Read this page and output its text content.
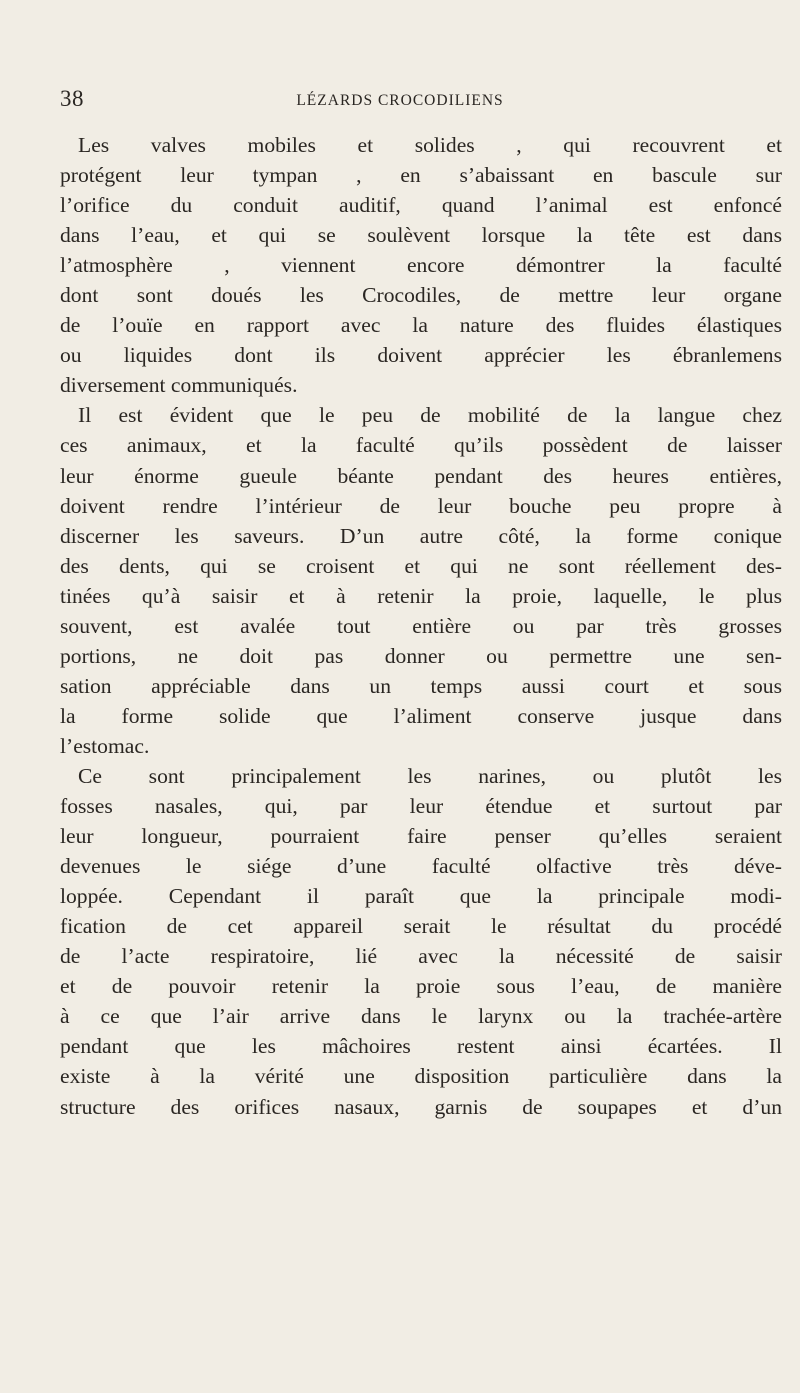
38	LÉZARDS CROCODILIENS
Les valves mobiles et solides , qui recouvrent et
protégent leur tympan , en s’abaissant en bascule sur
l’orifice du conduit auditif, quand l’animal est enfoncé
dans l’eau, et qui se soulèvent lorsque la tête est dans
l’atmosphère , viennent encore démontrer la faculté
dont sont doués les Crocodiles, de mettre leur organe
de l’ouïe en rapport avec la nature des fluides élastiques
ou liquides dont ils doivent apprécier les ébranlemens
diversement communiqués.
Il est évident que le peu de mobilité de la langue chez
ces animaux, et la faculté qu’ils possèdent de laisser
leur énorme gueule béante pendant des heures entières,
doivent rendre l’intérieur de leur bouche peu propre à
discerner les saveurs. D’un autre côté, la forme conique
des dents, qui se croisent et qui ne sont réellement des-
tinées qu’à saisir et à retenir la proie, laquelle, le plus
souvent, est avalée tout entière ou par très grosses
portions, ne doit pas donner ou permettre une sen-
sation appréciable dans un temps aussi court et sous
la forme solide que l’aliment conserve jusque dans
l’estomac.
Ce sont principalement les narines, ou plutôt les
fosses nasales, qui, par leur étendue et surtout par
leur longueur, pourraient faire penser qu’elles seraient
devenues le siége d’une faculté olfactive très déve-
loppée. Cependant il paraît que la principale modi-
fication de cet appareil serait le résultat du procédé
de l’acte respiratoire, lié avec la nécessité de saisir
et de pouvoir retenir la proie sous l’eau, de manière
à ce que l’air arrive dans le larynx ou la trachée-artère
pendant que les mâchoires restent ainsi écartées. Il
existe à la vérité une disposition particulière dans la
structure des orifices nasaux, garnis de soupapes et d’un
